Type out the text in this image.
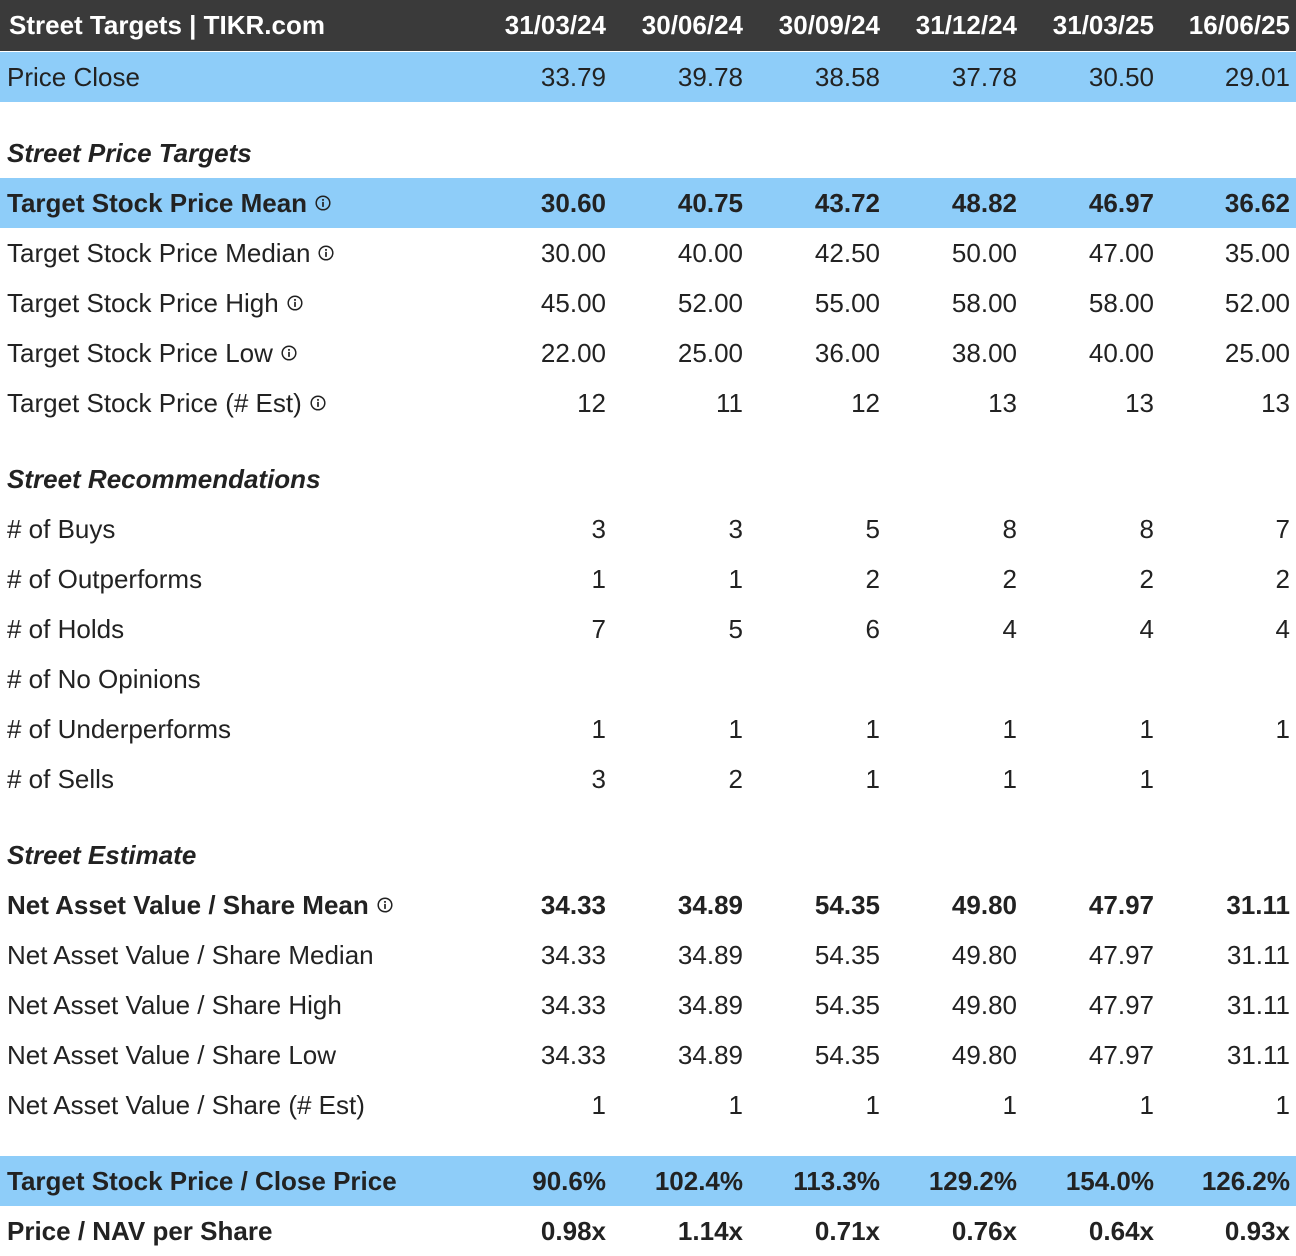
Street Targets | TIKR.com	31/03/24	30/06/24	30/09/24	31/12/24	31/03/25	16/06/25
Price Close	33.79	39.78	38.58	37.78	30.50	29.01
Street Price Targets
Target Stock Price Mean	30.60	40.75	43.72	48.82	46.97	36.62
Target Stock Price Median	30.00	40.00	42.50	50.00	47.00	35.00
Target Stock Price High	45.00	52.00	55.00	58.00	58.00	52.00
Target Stock Price Low	22.00	25.00	36.00	38.00	40.00	25.00
Target Stock Price (# Est)	12	11	12	13	13	13
Street Recommendations
# of Buys	3	3	5	8	8	7
# of Outperforms	1	1	2	2	2	2
# of Holds	7	5	6	4	4	4
# of No Opinions
# of Underperforms	1	1	1	1	1	1
# of Sells	3	2	1	1	1
Street Estimate
Net Asset Value / Share Mean	34.33	34.89	54.35	49.80	47.97	31.11
Net Asset Value / Share Median	34.33	34.89	54.35	49.80	47.97	31.11
Net Asset Value / Share High	34.33	34.89	54.35	49.80	47.97	31.11
Net Asset Value / Share Low	34.33	34.89	54.35	49.80	47.97	31.11
Net Asset Value / Share (# Est)	1	1	1	1	1	1
Target Stock Price / Close Price	90.6%	102.4%	113.3%	129.2%	154.0%	126.2%
Price / NAV per Share	0.98x	1.14x	0.71x	0.76x	0.64x	0.93x
